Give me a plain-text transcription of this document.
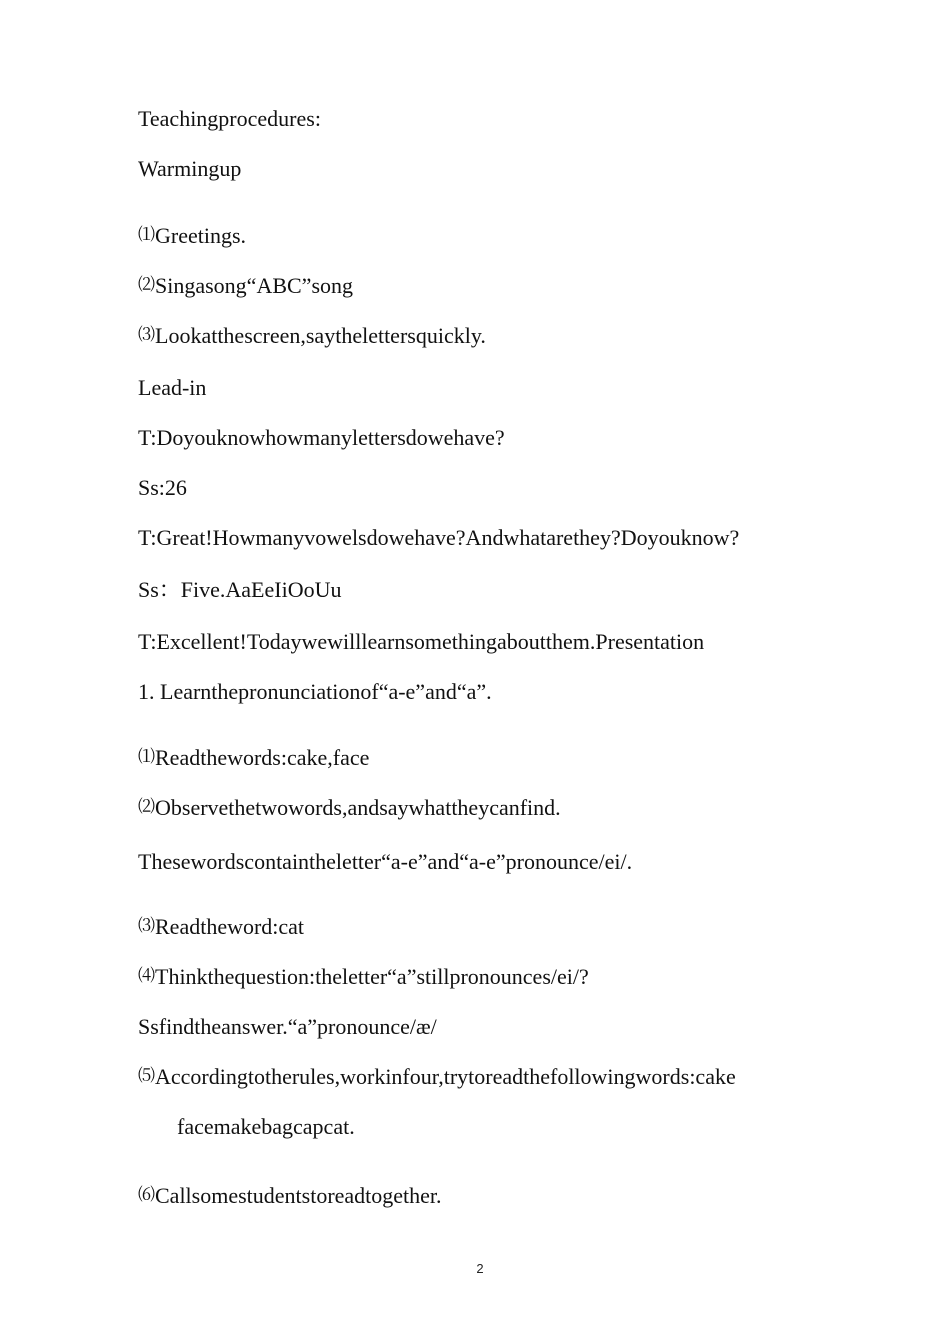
Teachingprocedures:
Warmingup
⑴Greetings.
⑵Singasong“ABC”song
⑶Lookatthescreen,saythelettersquickly.
Lead-in
T:Doyouknowhowmanylettersdowehave?
Ss:26
T:Great!Howmanyvowelsdowehave?Andwhatarethey?Doyouknow?
Ss：Five.AaEeIiOoUu
T:Excellent!Todaywewilllearnsomethingaboutthem.Presentation
1. Learnthepronunciationof“a-e”and“a”.
⑴Readthewords:cake,face
⑵Observethetwowords,andsaywhattheycanfind.
Thesewordscontaintheletter“a-e”and“a-e”pronounce/ei/.
⑶Readtheword:cat
⑷Thinkthequestion:theletter“a”stillpronounces/ei/?
Ssfindtheanswer.“a”pronounce/æ/
⑸Accordingtotherules,workinfour,trytoreadthefollowingwords:cake
facemakebagcapcat.
⑹Callsomestudentstoreadtogether.
2
